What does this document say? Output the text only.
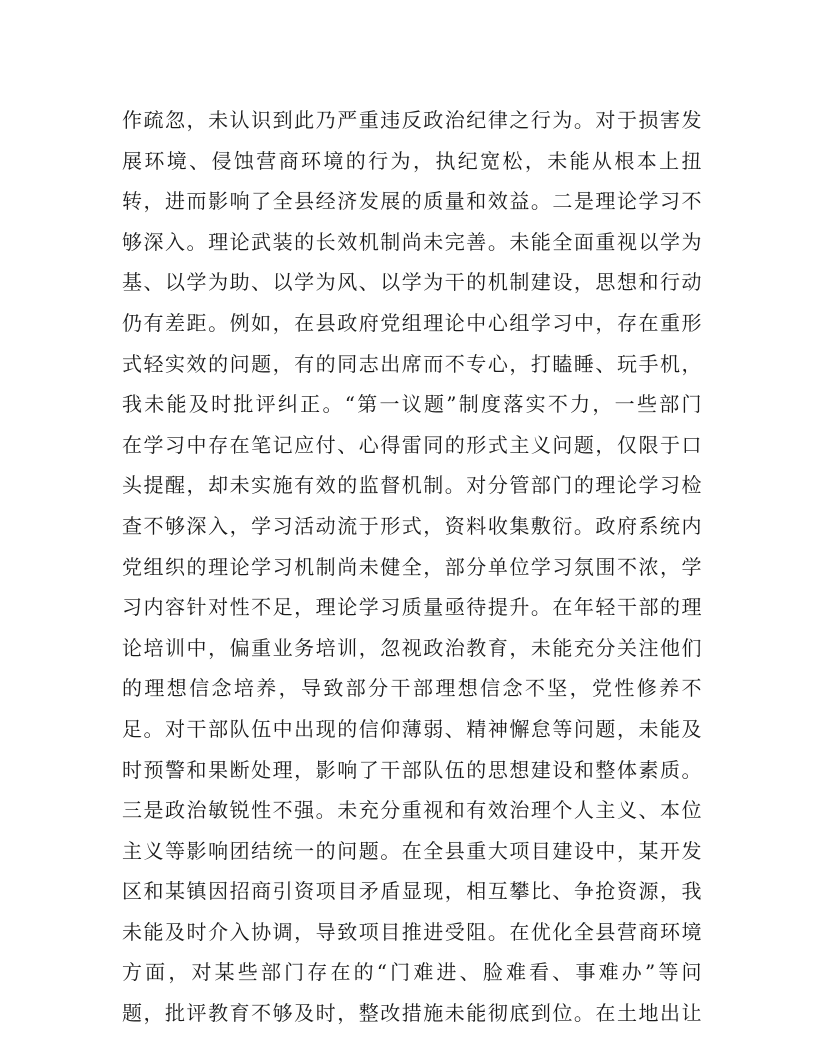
作疏忽，未认识到此乃严重违反政治纪律之行为。对于损害发
展环境、侵蚀营商环境的行为，执纪宽松，未能从根本上扭
转，进而影响了全县经济发展的质量和效益。二是理论学习不
够深入。理论武装的长效机制尚未完善。未能全面重视以学为
基、以学为助、以学为风、以学为干的机制建设，思想和行动
仍有差距。例如，在县政府党组理论中心组学习中，存在重形
式轻实效的问题，有的同志出席而不专心，打瞌睡、玩手机，
我未能及时批评纠正。“第一议题”制度落实不力，一些部门
在学习中存在笔记应付、心得雷同的形式主义问题，仅限于口
头提醒，却未实施有效的监督机制。对分管部门的理论学习检
查不够深入，学习活动流于形式，资料收集敷衍。政府系统内
党组织的理论学习机制尚未健全，部分单位学习氛围不浓，学
习内容针对性不足，理论学习质量亟待提升。在年轻干部的理
论培训中，偏重业务培训，忽视政治教育，未能充分关注他们
的理想信念培养，导致部分干部理想信念不坚，党性修养不
足。对干部队伍中出现的信仰薄弱、精神懈怠等问题，未能及
时预警和果断处理，影响了干部队伍的思想建设和整体素质。
三是政治敏锐性不强。未充分重视和有效治理个人主义、本位
主义等影响团结统一的问题。在全县重大项目建设中，某开发
区和某镇因招商引资项目矛盾显现，相互攀比、争抢资源，我
未能及时介入协调，导致项目推进受阻。在优化全县营商环境
方面，对某些部门存在的“门难进、脸难看、事难办”等问
题，批评教育不够及时，整改措施未能彻底到位。在土地出让
